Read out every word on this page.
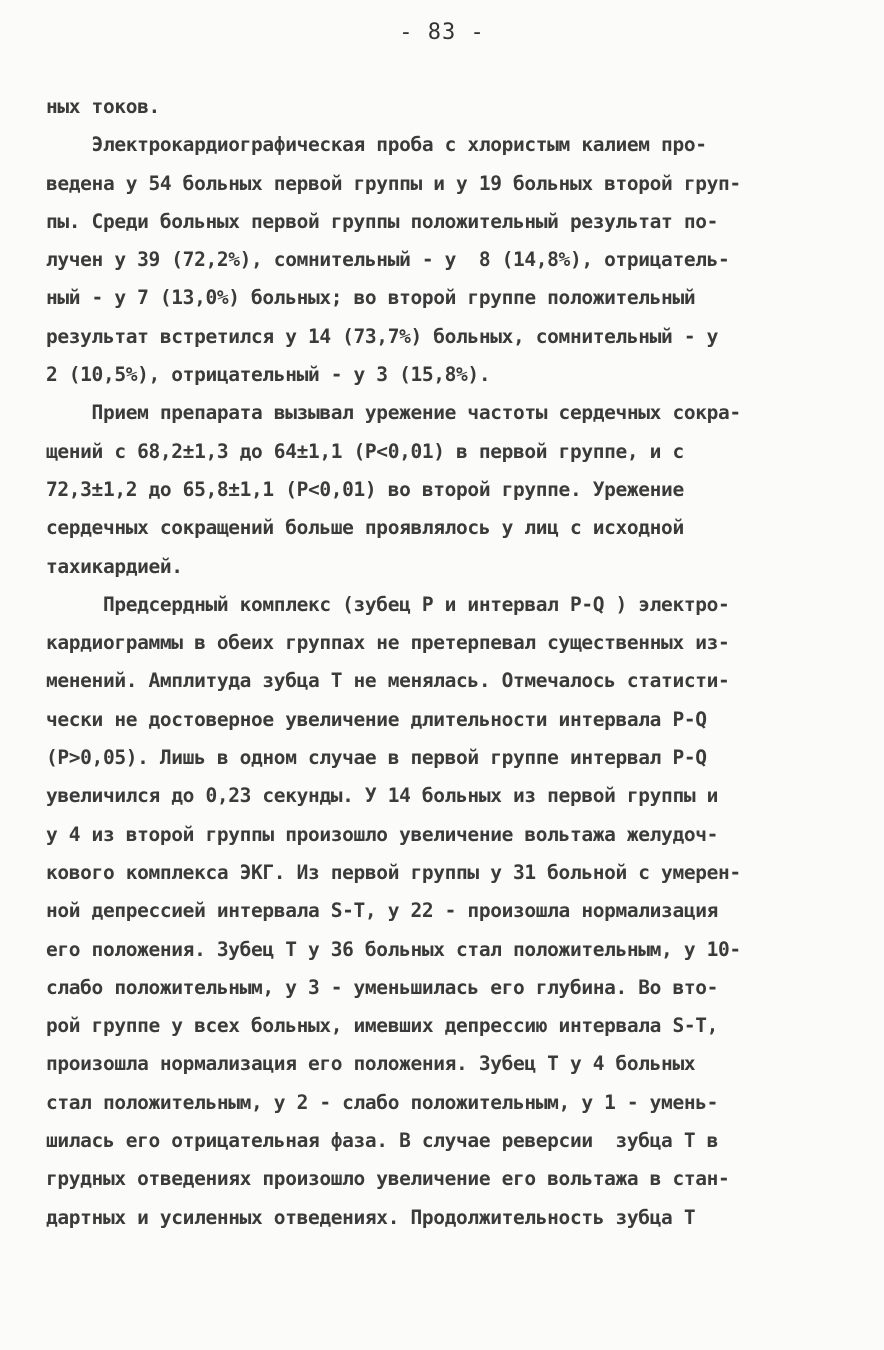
- 83 -
ных токов.
Электрокардиографическая проба с хлористым калием про-
ведена у 54 больных первой группы и у 19 больных второй груп-
пы. Среди больных первой группы положительный результат по-
лучен у 39 (72,2%), сомнительный - у  8 (14,8%), отрицатель-
ный - у 7 (13,0%) больных; во второй группе положительный
результат встретился у 14 (73,7%) больных, сомнительный - у
2 (10,5%), отрицательный - у 3 (15,8%).
Прием препарата вызывал урежение частоты сердечных сокра-
щений с 68,2±1,3 до 64±1,1 (Р<0,01) в первой группе, и с
72,3±1,2 до 65,8±1,1 (Р<0,01) во второй группе. Урежение
сердечных сокращений больше проявлялось у лиц с исходной
тахикардией.
Предсердный комплекс (зубец Р и интервал Р-Q ) электро-
кардиограммы в обеих группах не претерпевал существенных из-
менений. Амплитуда зубца Т не менялась. Отмечалось статисти-
чески не достоверное увеличение длительности интервала Р-Q
(Р>0,05). Лишь в одном случае в первой группе интервал Р-Q
увеличился до 0,23 секунды. У 14 больных из первой группы и
у 4 из второй группы произошло увеличение вольтажа желудоч-
кового комплекса ЭКГ. Из первой группы у 31 больной с умерен-
ной депрессией интервала S-Т, у 22 - произошла нормализация
его положения. Зубец Т у 36 больных стал положительным, у 10-
слабо положительным, у 3 - уменьшилась его глубина. Во вто-
рой группе у всех больных, имевших депрессию интервала S-Т,
произошла нормализация его положения. Зубец Т у 4 больных
стал положительным, у 2 - слабо положительным, у 1 - умень-
шилась его отрицательная фаза. В случае реверсии  зубца Т в
грудных отведениях произошло увеличение его вольтажа в стан-
дартных и усиленных отведениях. Продолжительность зубца Т
